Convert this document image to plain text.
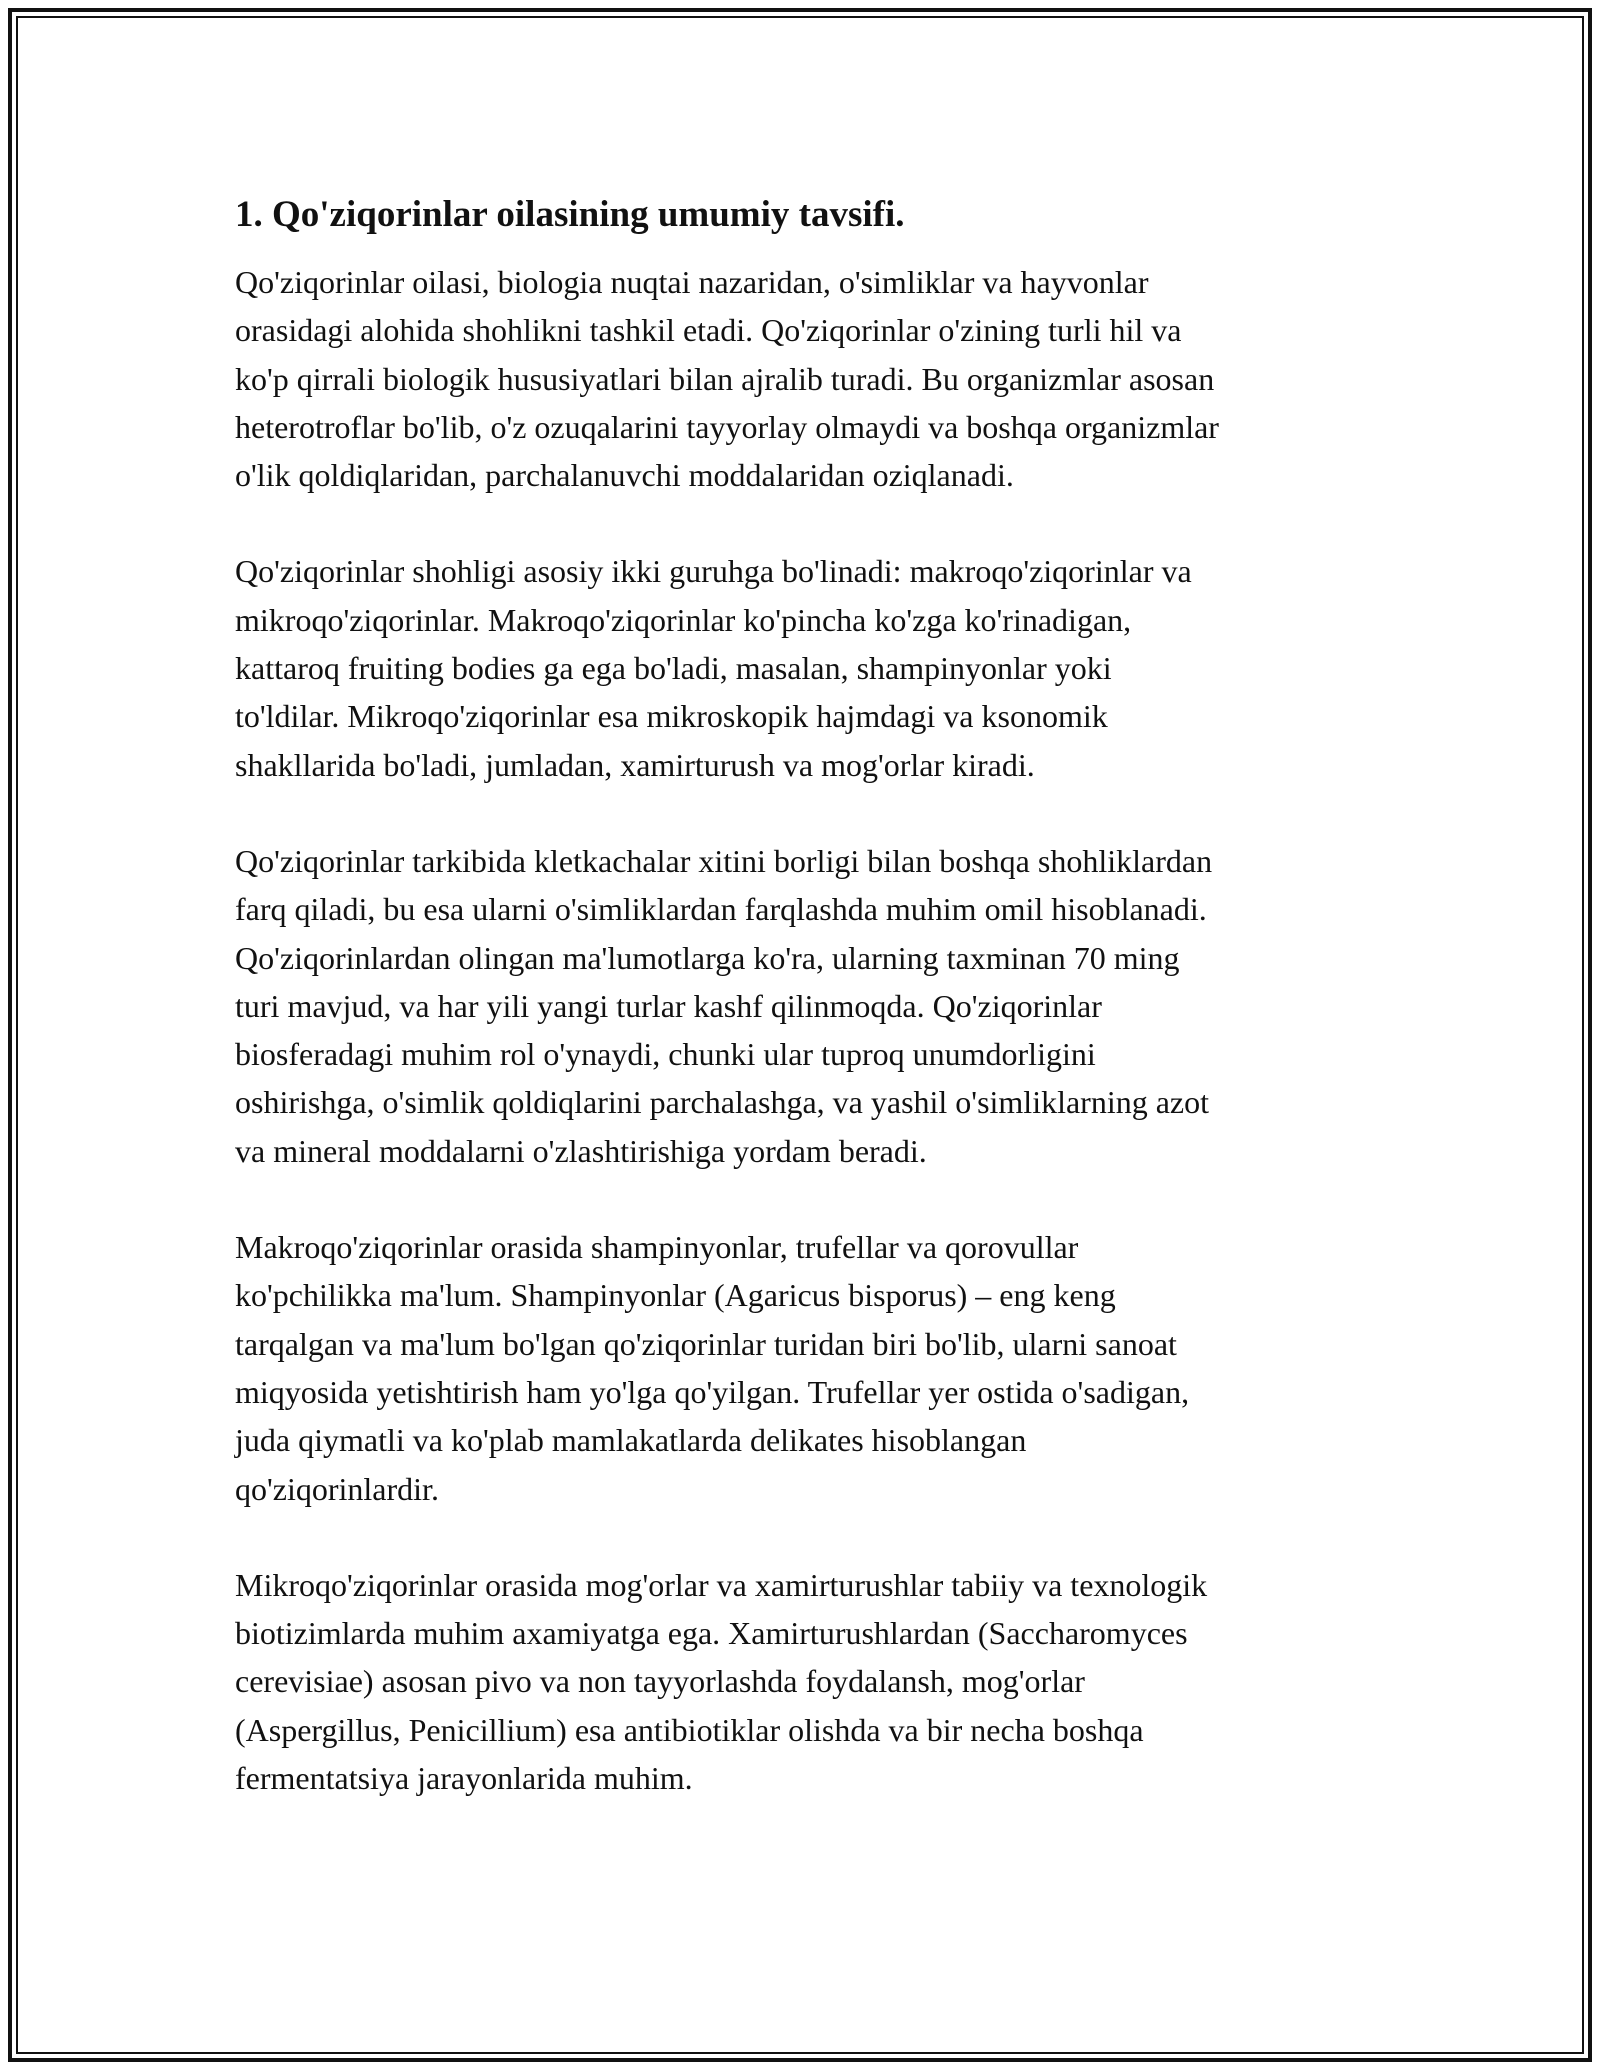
1. Qo'ziqorinlar oilasining umumiy tavsifi.

Qo'ziqorinlar oilasi, biologia nuqtai nazaridan, o'simliklar va hayvonlar
orasidagi alohida shohlikni tashkil etadi. Qo'ziqorinlar o'zining turli hil va
ko'p qirrali biologik hususiyatlari bilan ajralib turadi. Bu organizmlar asosan
heterotroflar bo'lib, o'z ozuqalarini tayyorlay olmaydi va boshqa organizmlar
o'lik qoldiqlaridan, parchalanuvchi moddalaridan oziqlanadi.

Qo'ziqorinlar shohligi asosiy ikki guruhga bo'linadi: makroqo'ziqorinlar va
mikroqo'ziqorinlar. Makroqo'ziqorinlar ko'pincha ko'zga ko'rinadigan,
kattaroq fruiting bodies ga ega bo'ladi, masalan, shampinyonlar yoki
to'ldilar. Mikroqo'ziqorinlar esa mikroskopik hajmdagi va ksonomik
shakllarida bo'ladi, jumladan, xamirturush va mog'orlar kiradi.

Qo'ziqorinlar tarkibida kletkachalar xitini borligi bilan boshqa shohliklardan
farq qiladi, bu esa ularni o'simliklardan farqlashda muhim omil hisoblanadi.
Qo'ziqorinlardan olingan ma'lumotlarga ko'ra, ularning taxminan 70 ming
turi mavjud, va har yili yangi turlar kashf qilinmoqda. Qo'ziqorinlar
biosferadagi muhim rol o'ynaydi, chunki ular tuproq unumdorligini
oshirishga, o'simlik qoldiqlarini parchalashga, va yashil o'simliklarning azot
va mineral moddalarni o'zlashtirishiga yordam beradi.

Makroqo'ziqorinlar orasida shampinyonlar, trufellar va qorovullar
ko'pchilikka ma'lum. Shampinyonlar (Agaricus bisporus) – eng keng
tarqalgan va ma'lum bo'lgan qo'ziqorinlar turidan biri bo'lib, ularni sanoat
miqyosida yetishtirish ham yo'lga qo'yilgan. Trufellar yer ostida o'sadigan,
juda qiymatli va ko'plab mamlakatlarda delikates hisoblangan
qo'ziqorinlardir.

Mikroqo'ziqorinlar orasida mog'orlar va xamirturushlar tabiiy va texnologik
biotizimlarda muhim axamiyatga ega. Xamirturushlardan (Saccharomyces
cerevisiae) asosan pivo va non tayyorlashda foydalansh, mog'orlar
(Aspergillus, Penicillium) esa antibiotiklar olishda va bir necha boshqa
fermentatsiya jarayonlarida muhim.
